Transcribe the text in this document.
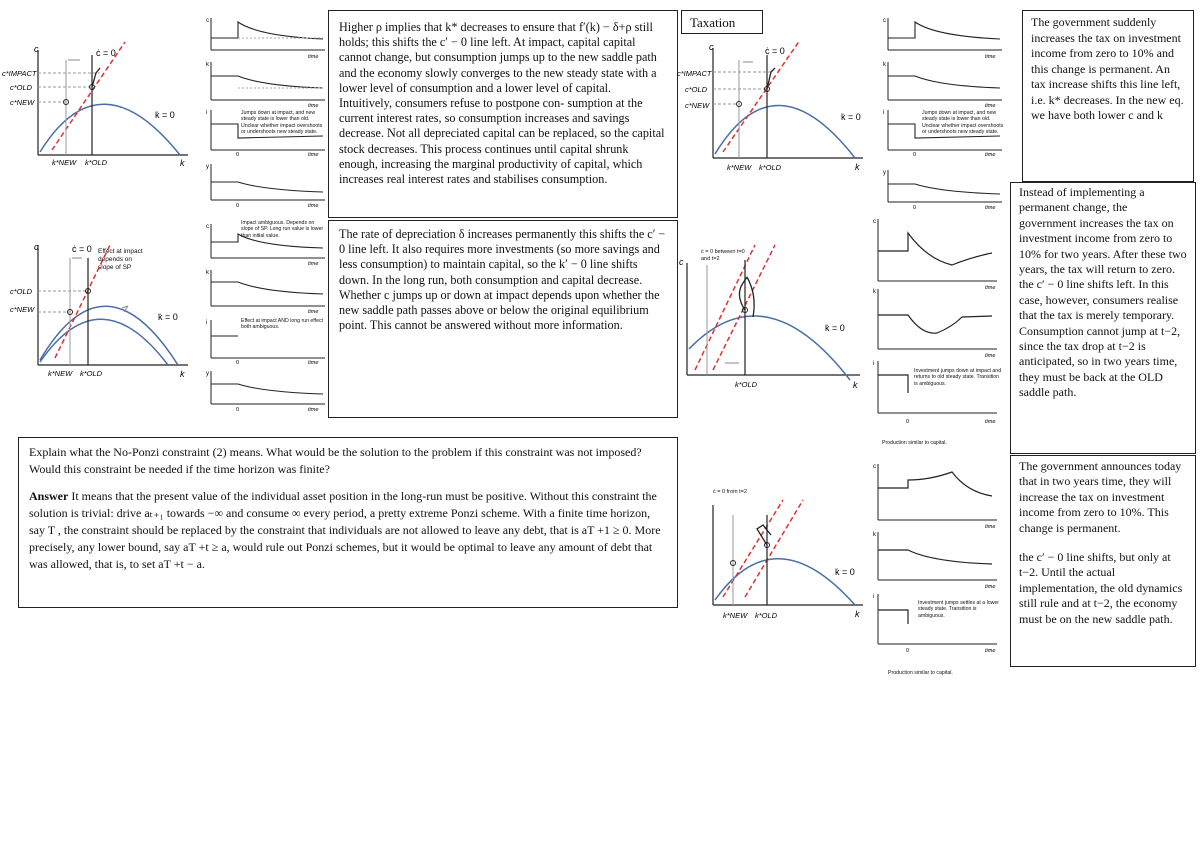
c
k
ċ = 0
k̇ = 0
c*IMPACT
c*OLD
c*NEW
k*NEW k*OLD
c
time
k
time
i
0	time
y
0	time
Jumps down at impact, and new steady state is lower than old. Unclear whether impact overshoots or undershoots new steady state.

Higher ρ implies that k* decreases to ensure that f′(k) − δ+ρ still holds; this shifts the c′ − 0 line left. At impact, capital capital cannot change, but consumption jumps up to the new saddle path and the economy slowly converges to the new steady state with a lower level of consumption and a lower level of capital. Intuitively, consumers refuse to postpone con- sumption at the current interest rates, so consumption increases and savings decrease. Not all depreciated capital can be replaced, so the capital stock decreases. This process continues until capital shrunk enough, increasing the marginal productivity of capital, which increases real interest rates and stabilises consumption.

c
k
ċ = 0
k̇ = 0
c*OLD
c*NEW
k*NEW k*OLD
Effect at impact depends on slope of SP
c
time
k
time
i
0	time
y
0	time
Impact ambiguous. Depends on slope of SP. Long run value is lower than initial value.
Effect at impact AND long run effect both ambiguous.

The rate of depreciation δ increases permanently this shifts the c′ − 0 line left. It also requires more investments (so more savings and less consumption) to maintain capital, so the k′ − 0 line shifts down. In the long run, both consumption and capital decrease. Whether c jumps up or down at impact depends upon whether the new saddle path passes above or below the original equilibrium point. This cannot be answered without more information.

Explain what the No-Ponzi constraint (2) means. What would be the solution to the problem if this constraint was not imposed? Would this constraint be needed if the time horizon was finite?

Answer It means that the present value of the individual asset position in the long-run must be positive. Without this constraint the solution is trivial: drive aₜ₊₁ towards −∞ and consume ∞ every period, a pretty extreme Ponzi scheme. With a finite time horizon, say T , the constraint should be replaced by the constraint that individuals are not allowed to leave any debt, that is aT +1 ≥ 0. More precisely, any lower bound, say aT +t ≥ a, would rule out Ponzi schemes, but it would be optimal to leave any amount of debt that was allowed, that is, to set aT +t − a.

Taxation
c
k
ċ = 0
k̇ = 0
c*IMPACT
c*OLD
c*NEW
k*NEW k*OLD
c
time
k
time
i
0	time
y
0	time
Jumps down at impact, and new steady state is lower than old. Unclear whether impact overshoots or undershoots new steady state.

The government suddenly increases the tax on investment income from zero to 10% and this change is permanent. An tax increase shifts this line left, i.e. k* decreases. In the new eq. we have both lower c and k

c
k
k̇ = 0
k*OLD
ċ = 0 between t=0 and t=2
c
time
k
time
i
time
0
Investment jumps down at impact and returns to old steady state. Transition is ambiguous.
Production similar to capital.

Instead of implementing a permanent change, the government increases the tax on investment income from zero to 10% for two years. After these two years, the tax will return to zero. the c′ − 0 line shifts left. In this case, however, consumers realise that the tax is merely temporary. Consumption cannot jump at t−2, since the tax drop at t−2 is anticipated, so in two years time, they must be back at the OLD saddle path.

k
k̇ = 0
k*NEW k*OLD
ċ = 0 from t=2
c
time
k
time
i
0	time
Investment jumps settles at a lower steady state. Transition is ambiguous.
Production similar to capital.

The government announces today that in two years time, they will increase the tax on investment income from zero to 10%. This change is permanent.

the c′ − 0 line shifts, but only at t−2. Until the actual implementation, the old dynamics still rule and at t−2, the economy must be on the new saddle path.
